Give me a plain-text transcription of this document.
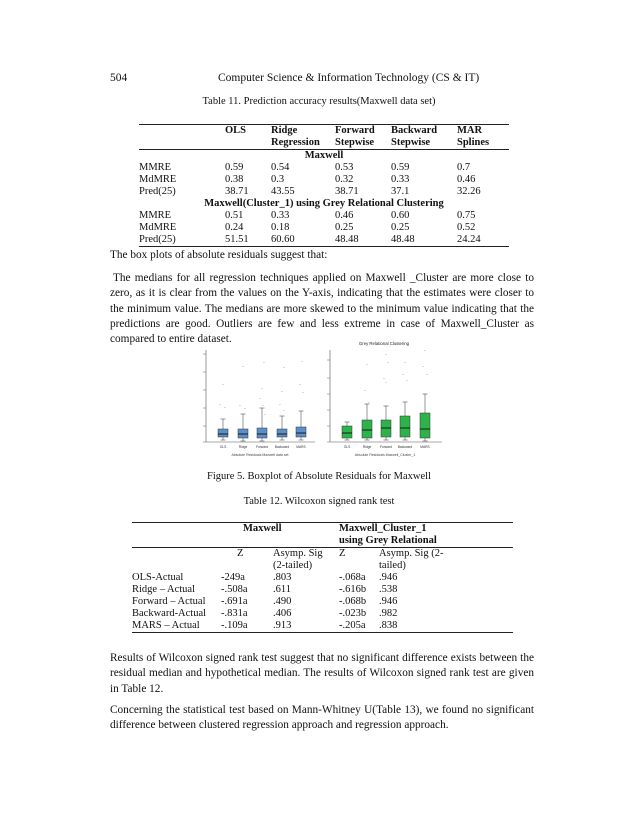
504	Computer Science & Information Technology (CS & IT)
Table 11. Prediction accuracy results(Maxwell data set)
	OLS	Ridge	Forward	Backward	MAR
		Regression	Stepwise	Stepwise	Splines
Maxwell					
MMRE	0.59	0.54	0.53	0.59	0.7
MdMRE	0.38	0.3	0.32	0.33	0.46
Pred(25)	38.71	43.55	38.71	37.1	32.26
Maxwell(Cluster_1) using Grey Relational Clustering					
MMRE	0.51	0.33	0.46	0.60	0.75
MdMRE	0.24	0.18	0.25	0.25	0.52
Pred(25)	51.51	60.60	48.48	48.48	24.24
The box plots of absolute residuals suggest that:
The medians for all regression techniques applied on Maxwell _Cluster are more close to zero, as it is clear from the values on the Y-axis, indicating that the estimates were closer to the minimum value. The medians are more skewed to the minimum value indicating that the predictions are good. Outliers are few and less extreme in case of Maxwell_Cluster as compared to entire dataset.
*
*
*
OLS
*
*
*
Ridge
*
*
*
*
*
Forward
*
*
*
*
Backward
*
*
*
MARS
Absolute Residuals Maxwell data set
Grey Relational Clustering
OLS
*
*
*
Ridge
*
*
*
*
Forward
*
*
*
Backward
*
*
*
MARS
Absolute Residuals Maxwell_Cluster_1
Figure 5. Boxplot of Absolute Residuals for Maxwell
Table 12. Wilcoxon signed rank test
	Maxwell		Maxwell_Cluster_1	
			using Grey Relational	
	Z	Asymp. Sig	Z	Asymp. Sig (2-
		(2-tailed)		tailed)
OLS-Actual	-249a	.803	-.068a	.946
Ridge – Actual	-.508a	.611	-.616b	.538
Forward – Actual	-.691a	.490	-.068b	.946
Backward-Actual	-.831a	.406	-.023b	.982
MARS – Actual	-.109a	.913	-.205a	.838
Results of Wilcoxon signed rank test suggest that no significant difference exists between the residual median and hypothetical median. The results of Wilcoxon signed rank test are given in Table 12.
Concerning the statistical test based on Mann-Whitney U(Table 13), we found no significant difference between clustered regression approach and regression approach.
